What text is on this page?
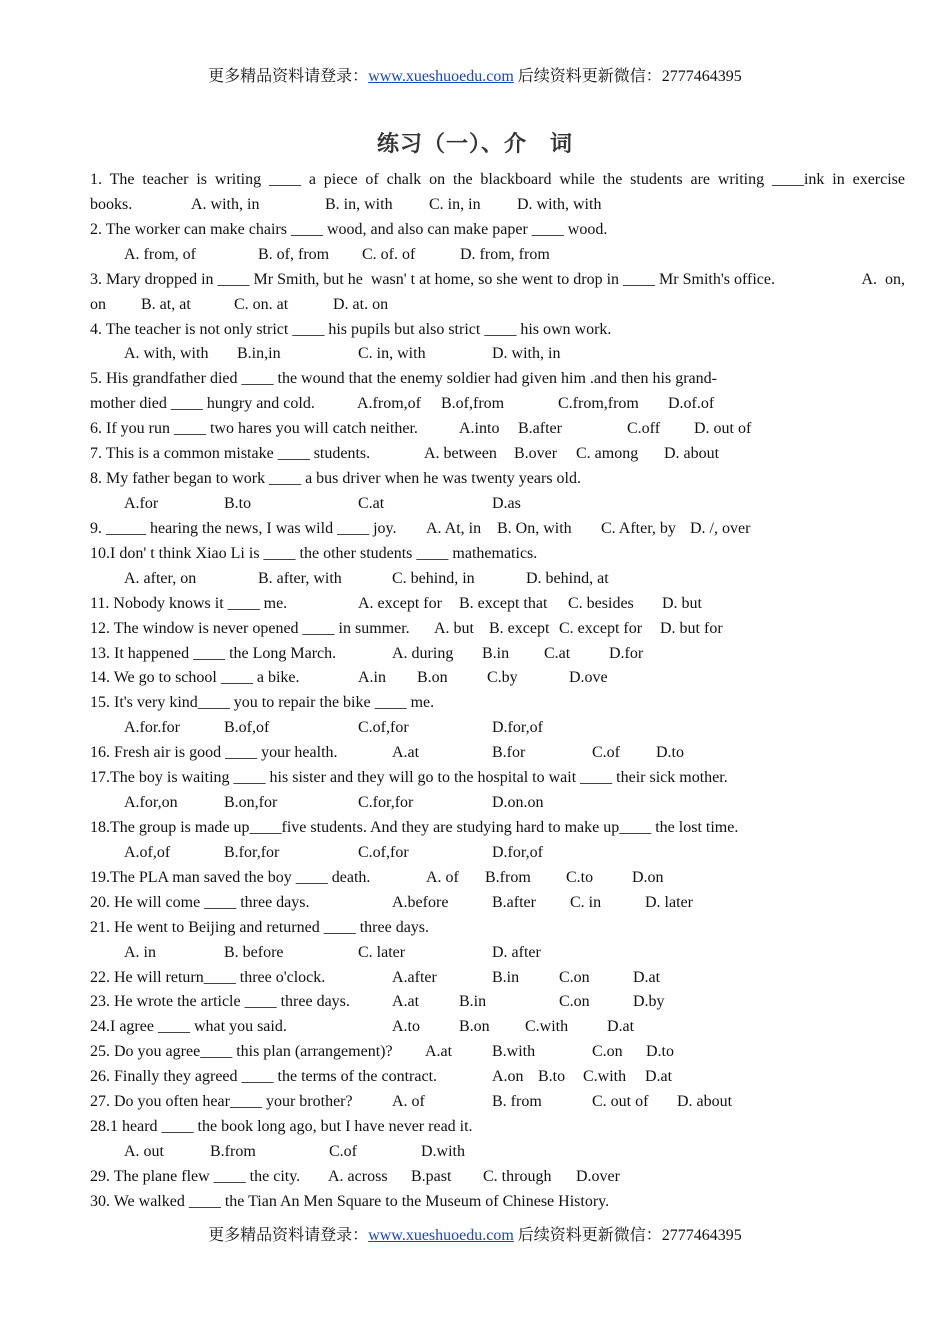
更多精品资料请登录：www.xueshuoedu.com 后续资料更新微信：2777464395
练习（一）、介　词
1. The teacher is writing ____ a piece of chalk on the blackboard while the students are writing ____ink in exercise
books.	A. with, in	B. in, with C. in, in D. with, with
2. The worker can make chairs ____ wood, and also can make paper ____ wood.
A. from, of	B. of, from C. of. of	D. from, from
3. Mary dropped in ____ Mr Smith, but he  wasn' t at home, so she went to drop in ____ Mr Smith's office.	A. on,
on B. at, at	C. on. at	D. at. on
4. The teacher is not only strict ____ his pupils but also strict ____ his own work.
A. with, with B.in,in	C. in, with	D. with, in
5. His grandfather died ____ the wound that the enemy soldier had given him .and then his grand-
mother died ____ hungry and cold.	A.from,of B.of,from	C.from,from D.of.of
6. If you run ____ two hares you will catch neither.	A.into B.after	C.off D. out of
7. This is a common mistake ____ students.	A. between B.over C. among D. about
8. My father began to work ____ a bus driver when he was twenty years old.
A.for	B.to	C.at	D.as
9. _____ hearing the news, I was wild ____ joy. A. At, in B. On, with C. After, by D. /, over
10.I don' t think Xiao Li is ____ the other students ____ mathematics.
A. after, on	B. after, with	C. behind, in	D. behind, at
11. Nobody knows it ____ me.	A. except for B. except that C. besides D. but
12. The window is never opened ____ in summer. A. but B. except C. except for D. but for
13. It happened ____ the Long March.	A. during B.in C.at D.for
14. We go to school ____ a bike.	A.in B.on C.by	D.ove
15. It's very kind____ you to repair the bike ____ me.
A.for.for	B.of,of	C.of,for	D.for,of
16. Fresh air is good ____ your health.	A.at	B.for	C.of D.to
17.The boy is waiting ____ his sister and they will go to the hospital to wait ____ their sick mother.
A.for,on	B.on,for	C.for,for	D.on.on
18.The group is made up____five students. And they are studying hard to make up____ the lost time.
A.of,of	B.for,for	C.of,for	D.for,of
19.The PLA man saved the boy ____ death.	A. of B.from C.to D.on
20. He will come ____ three days.	A.before	B.after C. in	D. later
21. He went to Beijing and returned ____ three days.
A. in	B. before	C. later	D. after
22. He will return____ three o'clock.	A.after	B.in C.on	D.at
23. He wrote the article ____ three days.	A.at B.in	C.on	D.by
24.I agree ____ what you said.	A.to B.on C.with D.at
25. Do you agree____ this plan (arrangement)? A.at B.with	C.on D.to
26. Finally they agreed ____ the terms of the contract.	A.on B.to C.with D.at
27. Do you often hear____ your brother? A. of	B. from	C. out of D. about
28.1 heard ____ the book long ago, but I have never read it.
A. out	B.from	C.of	D.with
29. The plane flew ____ the city. A. across B.past C. through D.over
30. We walked ____ the Tian An Men Square to the Museum of Chinese History.
更多精品资料请登录：www.xueshuoedu.com 后续资料更新微信：2777464395
